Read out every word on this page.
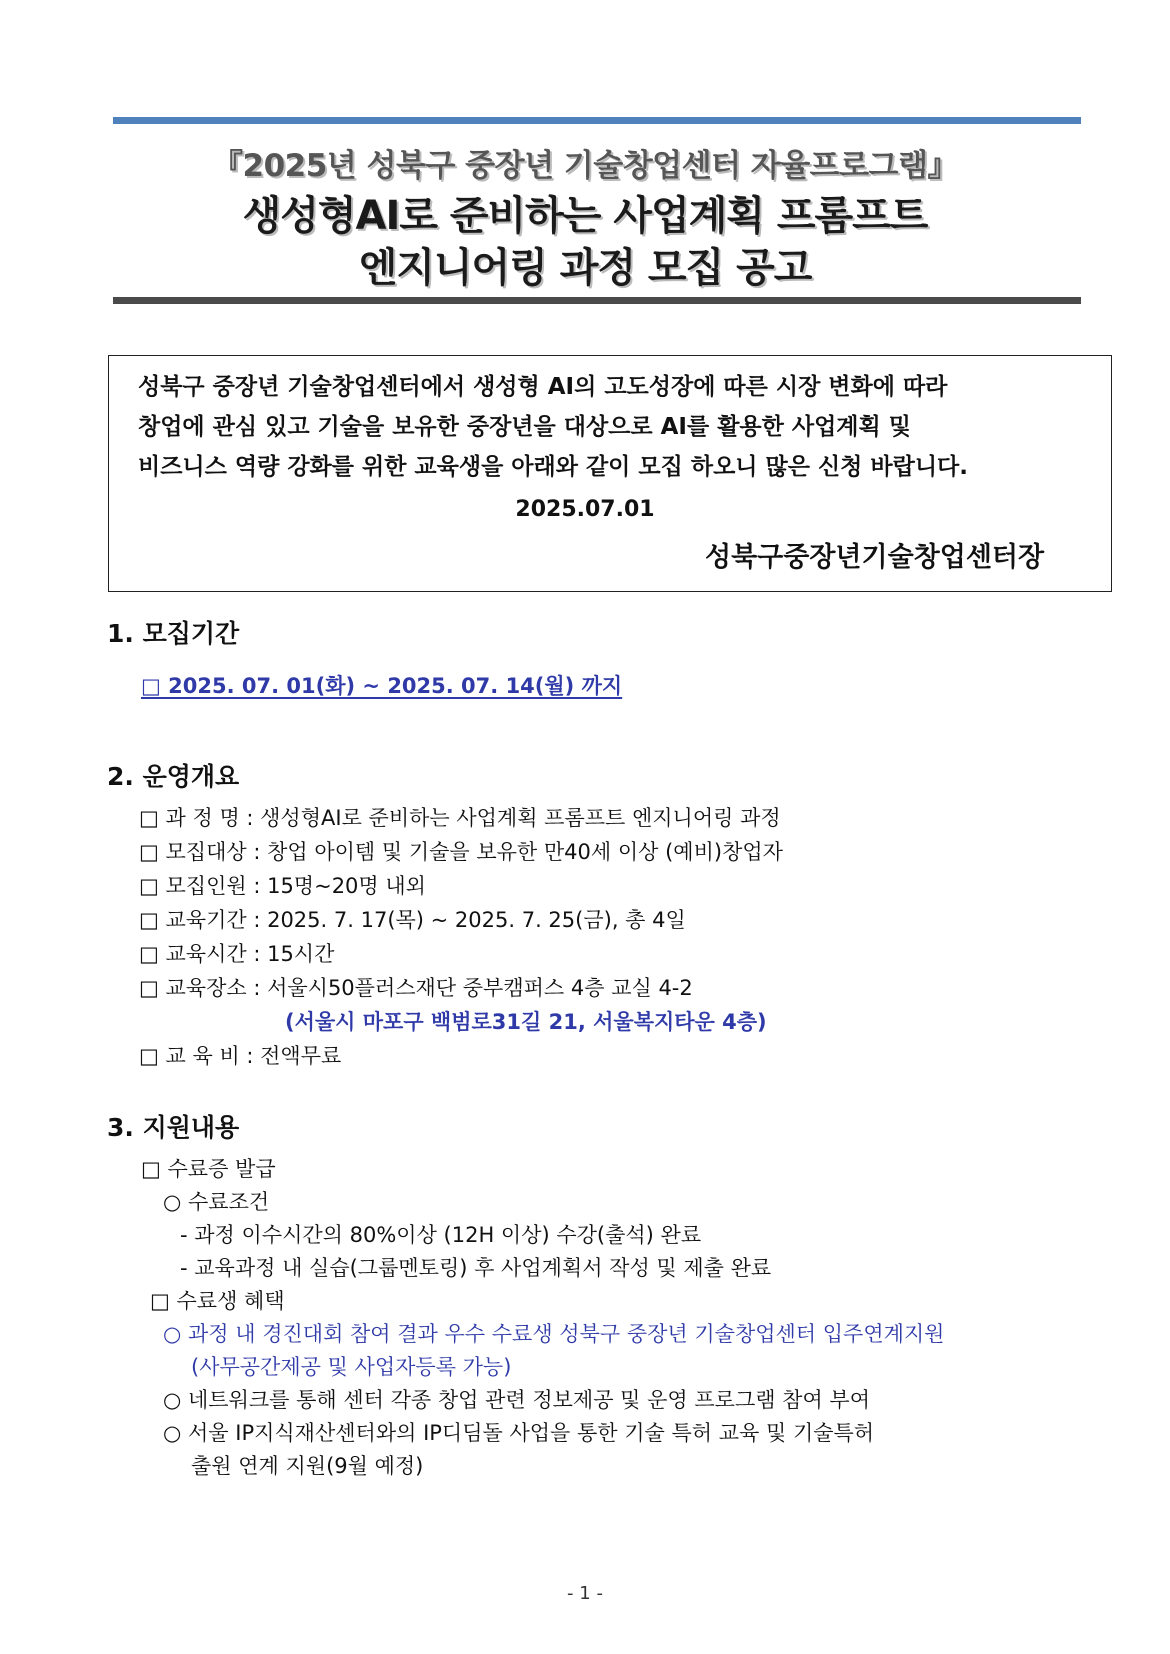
『2025년 성북구 중장년 기술창업센터 자율프로그램』
생성형AI로 준비하는 사업계획 프롬프트
엔지니어링 과정 모집 공고
성북구 중장년 기술창업센터에서 생성형 AI의 고도성장에 따른 시장 변화에 따라
창업에 관심 있고 기술을 보유한 중장년을 대상으로 AI를 활용한 사업계획 및
비즈니스 역량 강화를 위한 교육생을 아래와 같이 모집 하오니 많은 신청 바랍니다.
2025.07.01
성북구중장년기술창업센터장
1. 모집기간
□ 2025. 07. 01(화) ~ 2025. 07. 14(월) 까지
2. 운영개요
□ 과 정 명 : 생성형AI로 준비하는 사업계획 프롬프트 엔지니어링 과정
□ 모집대상 : 창업 아이템 및 기술을 보유한 만40세 이상 (예비)창업자
□ 모집인원 : 15명~20명 내외
□ 교육기간 : 2025. 7. 17(목) ~ 2025. 7. 25(금), 총 4일
□ 교육시간 : 15시간
□ 교육장소 : 서울시50플러스재단 중부캠퍼스 4층 교실 4-2
(서울시 마포구 백범로31길 21, 서울복지타운 4층)
□ 교 육 비 : 전액무료
3. 지원내용
□ 수료증 발급
○ 수료조건
- 과정 이수시간의 80%이상 (12H 이상) 수강(출석) 완료
- 교육과정 내 실습(그룹멘토링) 후 사업계획서 작성 및 제출 완료
□ 수료생 혜택
○ 과정 내 경진대회 참여 결과 우수 수료생 성북구 중장년 기술창업센터 입주연계지원
(사무공간제공 및 사업자등록 가능)
○ 네트워크를 통해 센터 각종 창업 관련 정보제공 및 운영 프로그램 참여 부여
○ 서울 IP지식재산센터와의 IP디딤돌 사업을 통한 기술 특허 교육 및 기술특허
출원 연계 지원(9월 예정)
- 1 -
